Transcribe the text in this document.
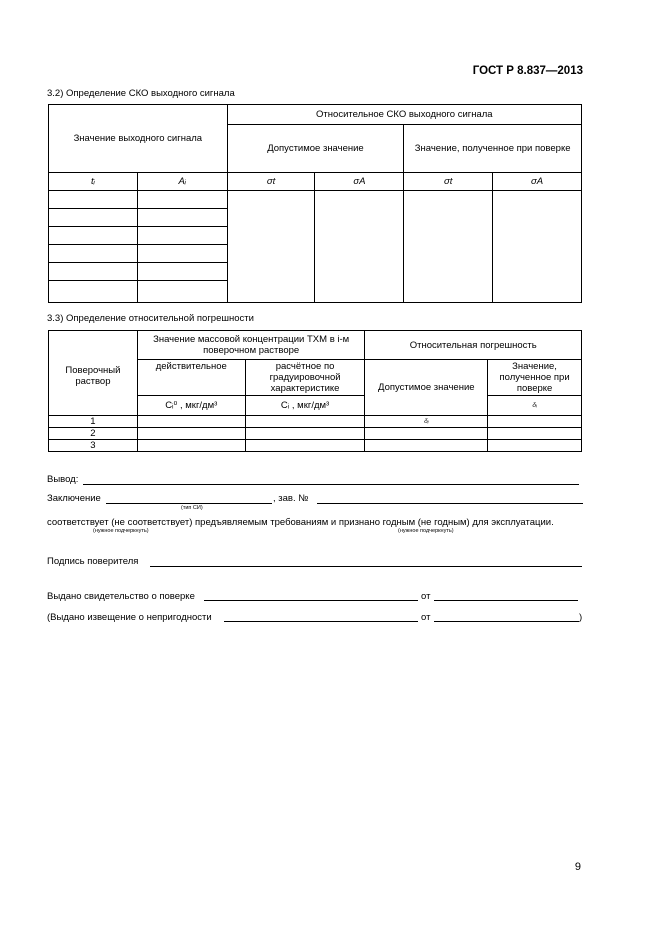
ГОСТ Р 8.837—2013
3.2) Определение СКО выходного сигнала
Значение выходного сигнала		Относительное СКО выходного сигнала			
		Допустимое значение		Значение, полученное при поверке	
tᵢ	Aᵢ	σt	σA	σt	σA

3.3) Определение относительной погрешности
Поверочный раствор	Значение массовой концентрации ТХМ в i-м поверочном растворе		Относительная погрешность	
	действительное	расчётное по градуировочной характеристике	Допустимое значение	Значение, полученное при поверке
	Cᵢ⁰ , мкг/дм³	Cᵢ , мкг/дм³		δᵢ
1			δᵢ	
2				
3				
Вывод:
Заключение
(тип СИ)
, зав. №
соответствует (не соответствует) предъявляемым требованиям и признано годным (не годным) для эксплуатации.
(нужное подчеркнуть)	(нужное подчеркнуть)
Подпись поверителя
Выдано свидетельство о поверке	от
(Выдано извещение о непригодности	от	)
9
